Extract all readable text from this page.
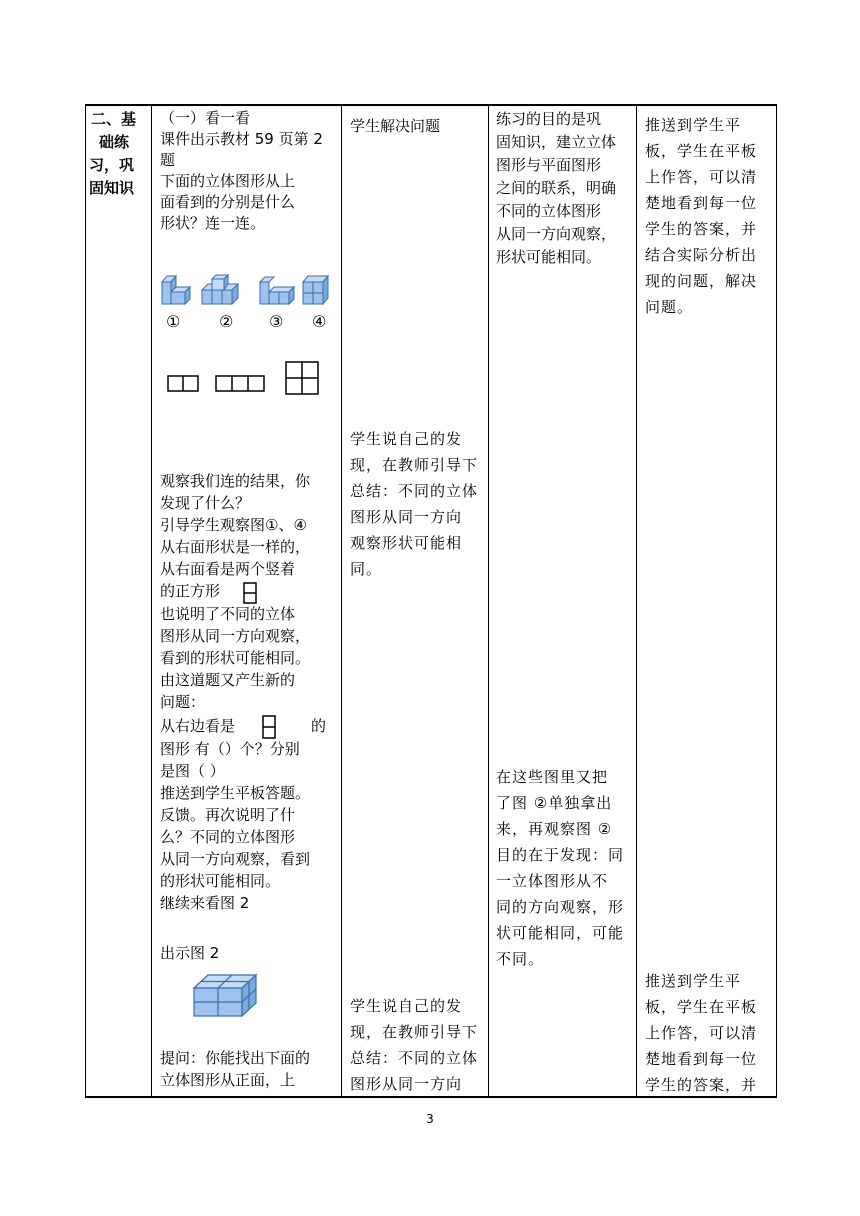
二、基
础练
习，巩
固知识
（一）看一看
课件出示教材 59 页第 2
题
下面的立体图形从上
面看到的分别是什么
形状？连一连。
① ② ③ ④
观察我们连的结果，你
发现了什么？
引导学生观察图①、④
从右面形状是一样的，
从右面看是两个竖着
的正方形
也说明了不同的立体
图形从同一方向观察，
看到的形状可能相同。
由这道题又产生新的
问题：
从右边看是	的
图形 有（）个？分别
是图（ ）
推送到学生平板答题。
反馈。再次说明了什
么？不同的立体图形
从同一方向观察，看到
的形状可能相同。
继续来看图 2
出示图 2
提问：你能找出下面的
立体图形从正面，上
学生解决问题
学生说自己的发
现，在教师引导下
总结：不同的立体
图形从同一方向
观察形状可能相
同。
学生说自己的发
现，在教师引导下
总结：不同的立体
图形从同一方向
练习的目的是巩
固知识，建立立体
图形与平面图形
之间的联系，明确
不同的立体图形
从同一方向观察，
形状可能相同。
在这些图里又把
了图 ②单独拿出
来，再观察图 ②
目的在于发现：同
一立体图形从不
同的方向观察，形
状可能相同，可能
不同。
推送到学生平
板，学生在平板
上作答，可以清
楚地看到每一位
学生的答案，并
结合实际分析出
现的问题，解决
问题。
推送到学生平
板，学生在平板
上作答，可以清
楚地看到每一位
学生的答案，并
3
